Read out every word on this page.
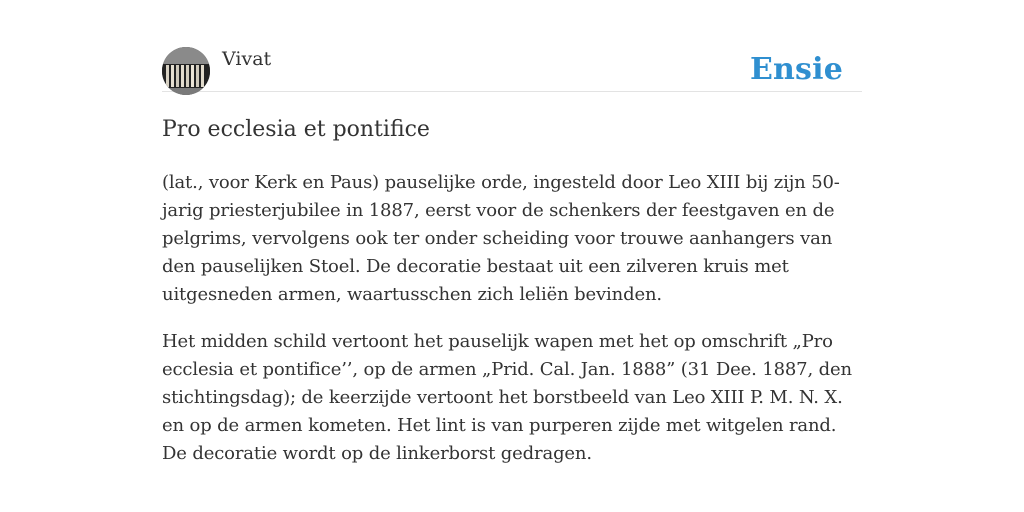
Vivat	Ensie
Pro ecclesia et pontifice

(lat., voor Kerk en Paus) pauselijke orde, ingesteld door Leo XIII bij zijn 50-jarig priesterjubilee in 1887, eerst voor de schenkers der feestgaven en de pelgrims, vervolgens ook ter onder scheiding voor trouwe aanhangers van den pauselijken Stoel. De decoratie bestaat uit een zilveren kruis met uitgesneden armen, waartusschen zich leliën bevinden.

Het midden schild vertoont het pauselijk wapen met het op omschrift „Pro ecclesia et pontifice’’, op de armen „Prid. Cal. Jan. 1888” (31 Dee. 1887, den stichtingsdag); de keerzijde vertoont het borstbeeld van Leo XIII P. M. N. X. en op de armen kometen. Het lint is van purperen zijde met witgelen rand. De decoratie wordt op de linkerborst gedragen.
